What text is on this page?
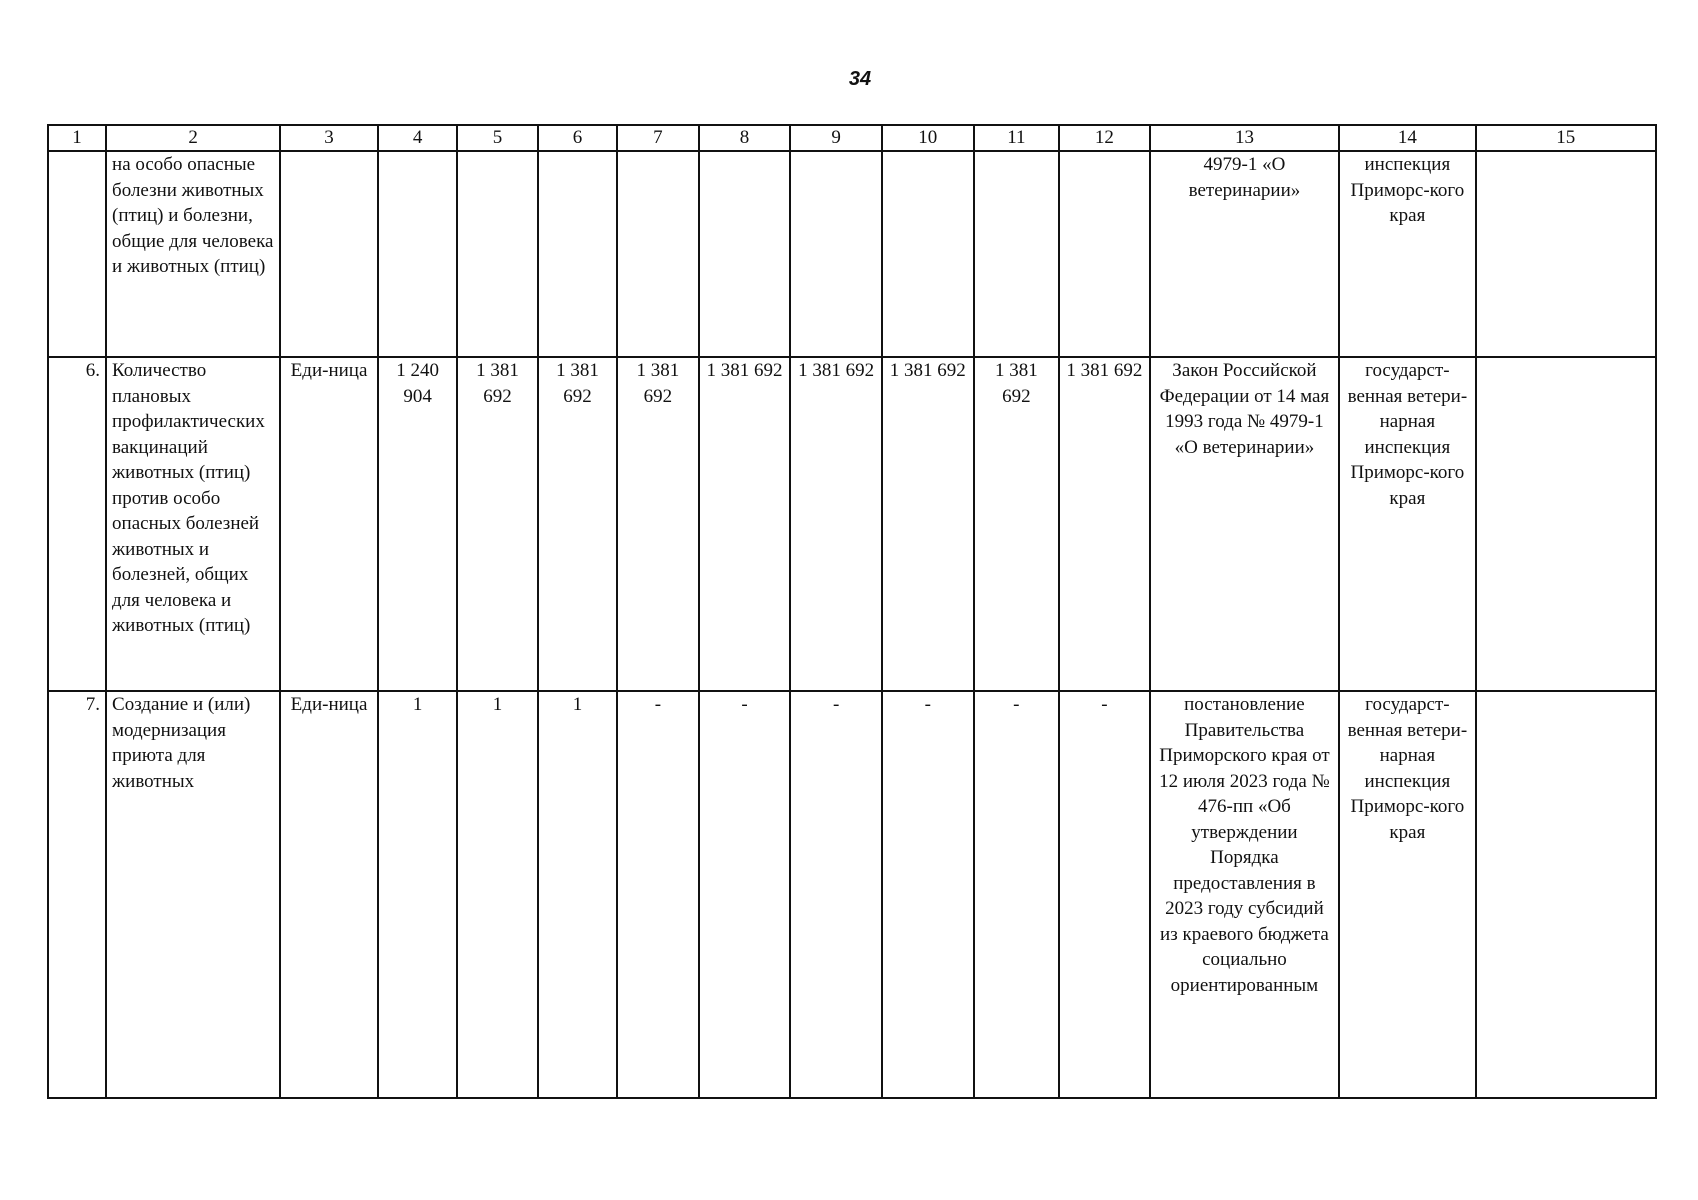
34
1	2	3	4	5	6	7	8	9	10	11	12	13	14	15
	на особо опасные болезни животных (птиц) и болезни, общие для человека и животных (птиц)											4979-1 «О ветеринарии»	инспекция Приморс-кого края	
6.	Количество плановых профилактических вакцинаций животных (птиц) против особо опасных болезней животных и болезней, общих для человека и животных (птиц)	Еди-ница	1 240 904	1 381 692	1 381 692	1 381 692	1 381 692	1 381 692	1 381 692	1 381 692	1 381 692	Закон Российской Федерации от 14 мая 1993 года № 4979-1 «О ветеринарии»	государст-венная ветери-нарная инспекция Приморс-кого края	
7.	Создание и (или) модернизация приюта для животных	Еди-ница	1	1	1	-	-	-	-	-	-	постановление Правительства Приморского края от 12 июля 2023 года № 476-пп «Об утверждении Порядка предоставления в 2023 году субсидий из краевого бюджета социально ориентированным	государст-венная ветери-нарная инспекция Приморс-кого края	
